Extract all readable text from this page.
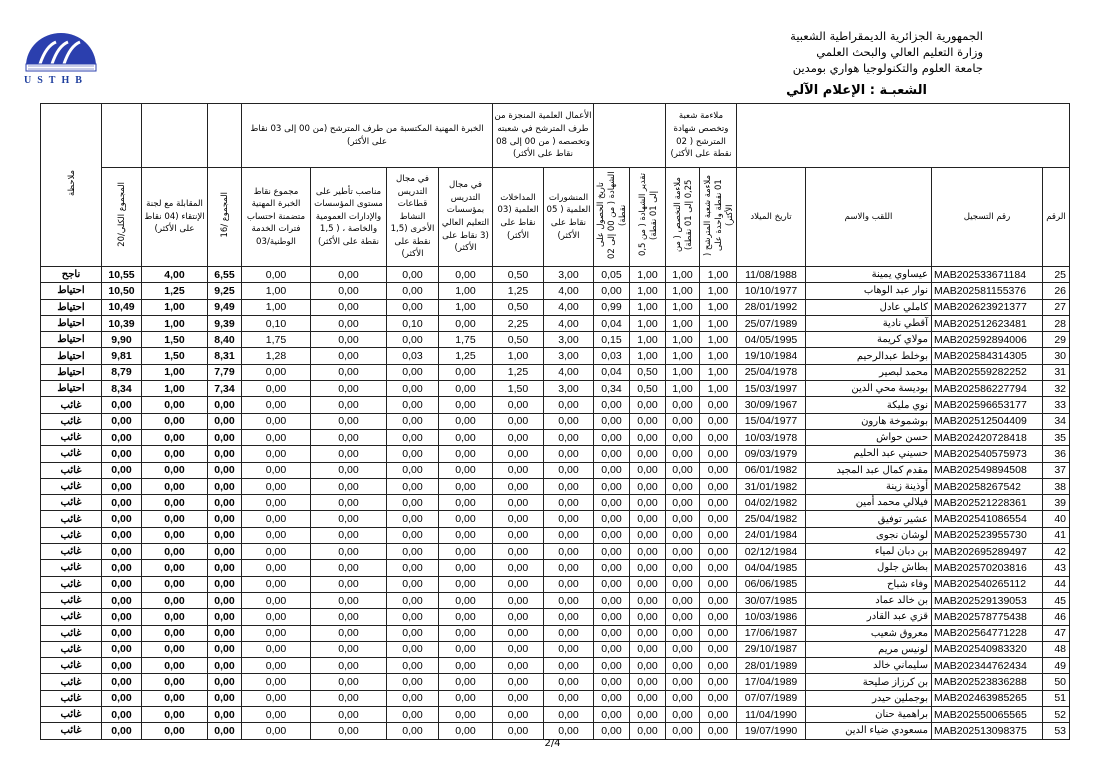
USTHB
الجمهورية الجزائرية الديمقراطية الشعبية
وزارة التعليم العالي والبحث العلمي
جامعة العلوم والتكنولوجيا هواري بومدين
الشعبـة : الإعلام الآلي
ملاحظة				الخبرة المهنية المكتسبة من طرف المترشح (من 00 إلى 03 نقاط على الأكثر)				الأعمال العلمية المنجزة من طرف المترشح في شعبته وتخصصه ( من 00 إلى 08 نقاط على الأكثر)				ملاءمة شعبة وتخصص شهادة المترشح ( 02 نقطة على الأكثر)					
	المجموع الكلي/20	المقابلة مع لجنة الإنتقاء (04 نقاط على الأكثر)	المجموع /16	مجموع نقاط الخبرة المهنية متضمنة احتساب فترات الخدمة الوطنية/03	مناصب تأطير على مستوى المؤسسات والإدارات العمومية والخاصة ، ( 1,5 نقطة على الأكثر)	في مجال التدريس قطاعات النشاط الأخرى (1,5 نقطة على الأكثر)	في مجال التدريس بمؤسسات التعليم العالي (3 نقاط على الأكثر)	المداخلات العلمية (03 نقاط على الأكثر)	المنشورات العلمية ( 05 نقاط على الأكثر)	تاريخ الحصول على الشهادة ( من 00 إلى 02 نقطة)	تقدير الشهادة ( من 0,5 إلى 01 نقطة)	ملاءمة التخصص ( من 0,25 إلى 01 نقطة)	ملاءمة شعبة المترشح ( 01 نقطة واحدة على الأكثر)	تاريخ الميلاد	اللقب والاسم	رقم التسجيل	الرقم
ناجح	10,55	4,00	6,55	0,00	0,00	0,00	0,00	0,50	3,00	0,05	1,00	1,00	1,00	11/08/1988	عيساوي يمينة	MAB202533671184	25
احتياط	10,50	1,25	9,25	1,00	0,00	0,00	1,00	1,25	4,00	0,00	1,00	1,00	1,00	10/10/1977	نوار عبد الوهاب	MAB202581155376	26
احتياط	10,49	1,00	9,49	1,00	0,00	0,00	1,00	0,50	4,00	0,99	1,00	1,00	1,00	28/01/1992	كاملي عادل	MAB202623921377	27
احتياط	10,39	1,00	9,39	0,10	0,00	0,10	0,00	2,25	4,00	0,04	1,00	1,00	1,00	25/07/1989	آقطي نادية	MAB202512623481	28
احتياط	9,90	1,50	8,40	1,75	0,00	0,00	1,75	0,50	3,00	0,15	1,00	1,00	1,00	04/05/1995	مولاي كريمة	MAB202592894006	29
احتياط	9,81	1,50	8,31	1,28	0,00	0,03	1,25	1,00	3,00	0,03	1,00	1,00	1,00	19/10/1984	بوخلط عبدالرحيم	MAB202584314305	30
احتياط	8,79	1,00	7,79	0,00	0,00	0,00	0,00	1,25	4,00	0,04	0,50	1,00	1,00	25/04/1978	محمد لبصير	MAB202559282252	31
احتياط	8,34	1,00	7,34	0,00	0,00	0,00	0,00	1,50	3,00	0,34	0,50	1,00	1,00	15/03/1997	بوديسة محي الدين	MAB202586227794	32
غائب	0,00	0,00	0,00	0,00	0,00	0,00	0,00	0,00	0,00	0,00	0,00	0,00	0,00	30/09/1967	نوي مليكة	MAB202596653177	33
غائب	0,00	0,00	0,00	0,00	0,00	0,00	0,00	0,00	0,00	0,00	0,00	0,00	0,00	15/04/1977	بوشموخة هارون	MAB202512504409	34
غائب	0,00	0,00	0,00	0,00	0,00	0,00	0,00	0,00	0,00	0,00	0,00	0,00	0,00	10/03/1978	حسن حواش	MAB202420728418	35
غائب	0,00	0,00	0,00	0,00	0,00	0,00	0,00	0,00	0,00	0,00	0,00	0,00	0,00	09/03/1979	حسيني عبد الحليم	MAB202540575973	36
غائب	0,00	0,00	0,00	0,00	0,00	0,00	0,00	0,00	0,00	0,00	0,00	0,00	0,00	06/01/1982	مقدم كمال عبد المجيد	MAB202549894508	37
غائب	0,00	0,00	0,00	0,00	0,00	0,00	0,00	0,00	0,00	0,00	0,00	0,00	0,00	31/01/1982	أوذينة زينة	MAB20258267542	38
غائب	0,00	0,00	0,00	0,00	0,00	0,00	0,00	0,00	0,00	0,00	0,00	0,00	0,00	04/02/1982	فيلالي محمد أمين	MAB202521228361	39
غائب	0,00	0,00	0,00	0,00	0,00	0,00	0,00	0,00	0,00	0,00	0,00	0,00	0,00	25/04/1982	عشير توفيق	MAB202541086554	40
غائب	0,00	0,00	0,00	0,00	0,00	0,00	0,00	0,00	0,00	0,00	0,00	0,00	0,00	24/01/1984	لوشان نجوى	MAB202523955730	41
غائب	0,00	0,00	0,00	0,00	0,00	0,00	0,00	0,00	0,00	0,00	0,00	0,00	0,00	02/12/1984	بن دبان لمياء	MAB202695289497	42
غائب	0,00	0,00	0,00	0,00	0,00	0,00	0,00	0,00	0,00	0,00	0,00	0,00	0,00	04/04/1985	بطاش جلول	MAB202570203816	43
غائب	0,00	0,00	0,00	0,00	0,00	0,00	0,00	0,00	0,00	0,00	0,00	0,00	0,00	06/06/1985	وفاء شباح	MAB202540265112	44
غائب	0,00	0,00	0,00	0,00	0,00	0,00	0,00	0,00	0,00	0,00	0,00	0,00	0,00	30/07/1985	بن خالد عماد	MAB202529139053	45
غائب	0,00	0,00	0,00	0,00	0,00	0,00	0,00	0,00	0,00	0,00	0,00	0,00	0,00	10/03/1986	قزي عبد القادر	MAB202578775438	46
غائب	0,00	0,00	0,00	0,00	0,00	0,00	0,00	0,00	0,00	0,00	0,00	0,00	0,00	17/06/1987	معروق شعيب	MAB202564771228	47
غائب	0,00	0,00	0,00	0,00	0,00	0,00	0,00	0,00	0,00	0,00	0,00	0,00	0,00	29/10/1987	لونيس مريم	MAB202540983320	48
غائب	0,00	0,00	0,00	0,00	0,00	0,00	0,00	0,00	0,00	0,00	0,00	0,00	0,00	28/01/1989	سليماني خالد	MAB202344762434	49
غائب	0,00	0,00	0,00	0,00	0,00	0,00	0,00	0,00	0,00	0,00	0,00	0,00	0,00	17/04/1989	بن كرزاز صليحة	MAB202523836288	50
غائب	0,00	0,00	0,00	0,00	0,00	0,00	0,00	0,00	0,00	0,00	0,00	0,00	0,00	07/07/1989	بوجملين حيدر	MAB202463985265	51
غائب	0,00	0,00	0,00	0,00	0,00	0,00	0,00	0,00	0,00	0,00	0,00	0,00	0,00	11/04/1990	براهمية حنان	MAB202550065565	52
غائب	0,00	0,00	0,00	0,00	0,00	0,00	0,00	0,00	0,00	0,00	0,00	0,00	0,00	19/07/1990	مسعودي ضياء الدين	MAB202513098375	53
2/4
